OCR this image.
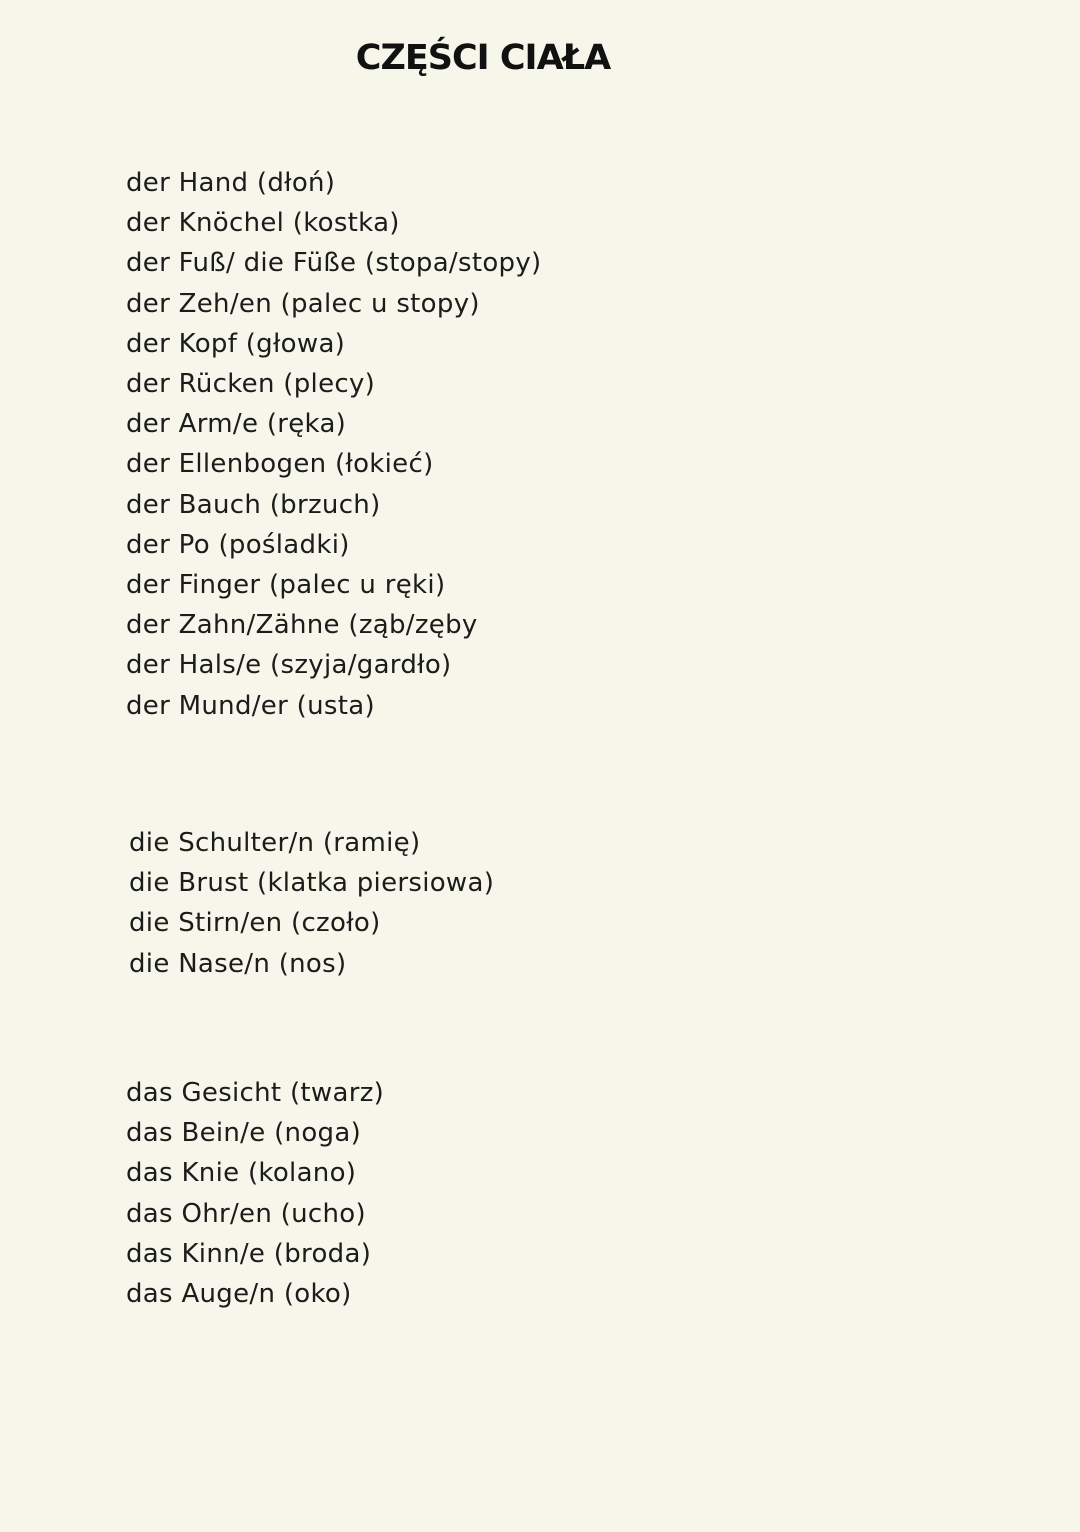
CZĘŚCI CIAŁA
der Hand (dłoń)
der Knöchel (kostka)
der Fuß/ die Füße (stopa/stopy)
der Zeh/en (palec u stopy)
der Kopf (głowa)
der Rücken (plecy)
der Arm/e (ręka)
der Ellenbogen (łokieć)
der Bauch (brzuch)
der Po (pośladki)
der Finger (palec u ręki)
der Zahn/Zähne (ząb/zęby
der Hals/e (szyja/gardło)
der Mund/er (usta)
die Schulter/n (ramię)
die Brust (klatka piersiowa)
die Stirn/en (czoło)
die Nase/n (nos)
das Gesicht (twarz)
das Bein/e (noga)
das Knie (kolano)
das Ohr/en (ucho)
das Kinn/e (broda)
das Auge/n (oko)
